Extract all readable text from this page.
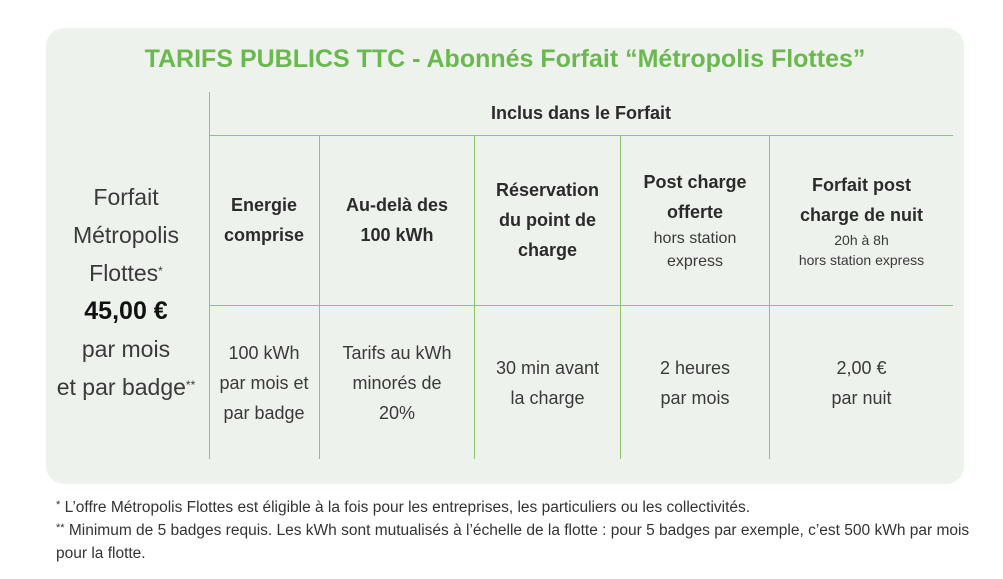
TARIFS PUBLICS TTC - Abonnés Forfait “Métropolis Flottes”
Forfait
Métropolis
Flottes*
45,00 €
par mois
et par badge**
Inclus dans le Forfait
Energie
comprise
Au-delà des
100 kWh
Réservation
du point de
charge
Post charge
offerte
hors station
express
Forfait post
charge de nuit
20h à 8h
hors station express
100 kWh
par mois et
par badge
Tarifs au kWh
minorés de
20%
30 min avant
la charge
2 heures
par mois
2,00 €
par nuit
* L’offre Métropolis Flottes est éligible à la fois pour les entreprises, les particuliers ou les collectivités.
** Minimum de 5 badges requis. Les kWh sont mutualisés à l’échelle de la flotte : pour 5 badges par exemple, c’est 500 kWh par mois pour la flotte.
